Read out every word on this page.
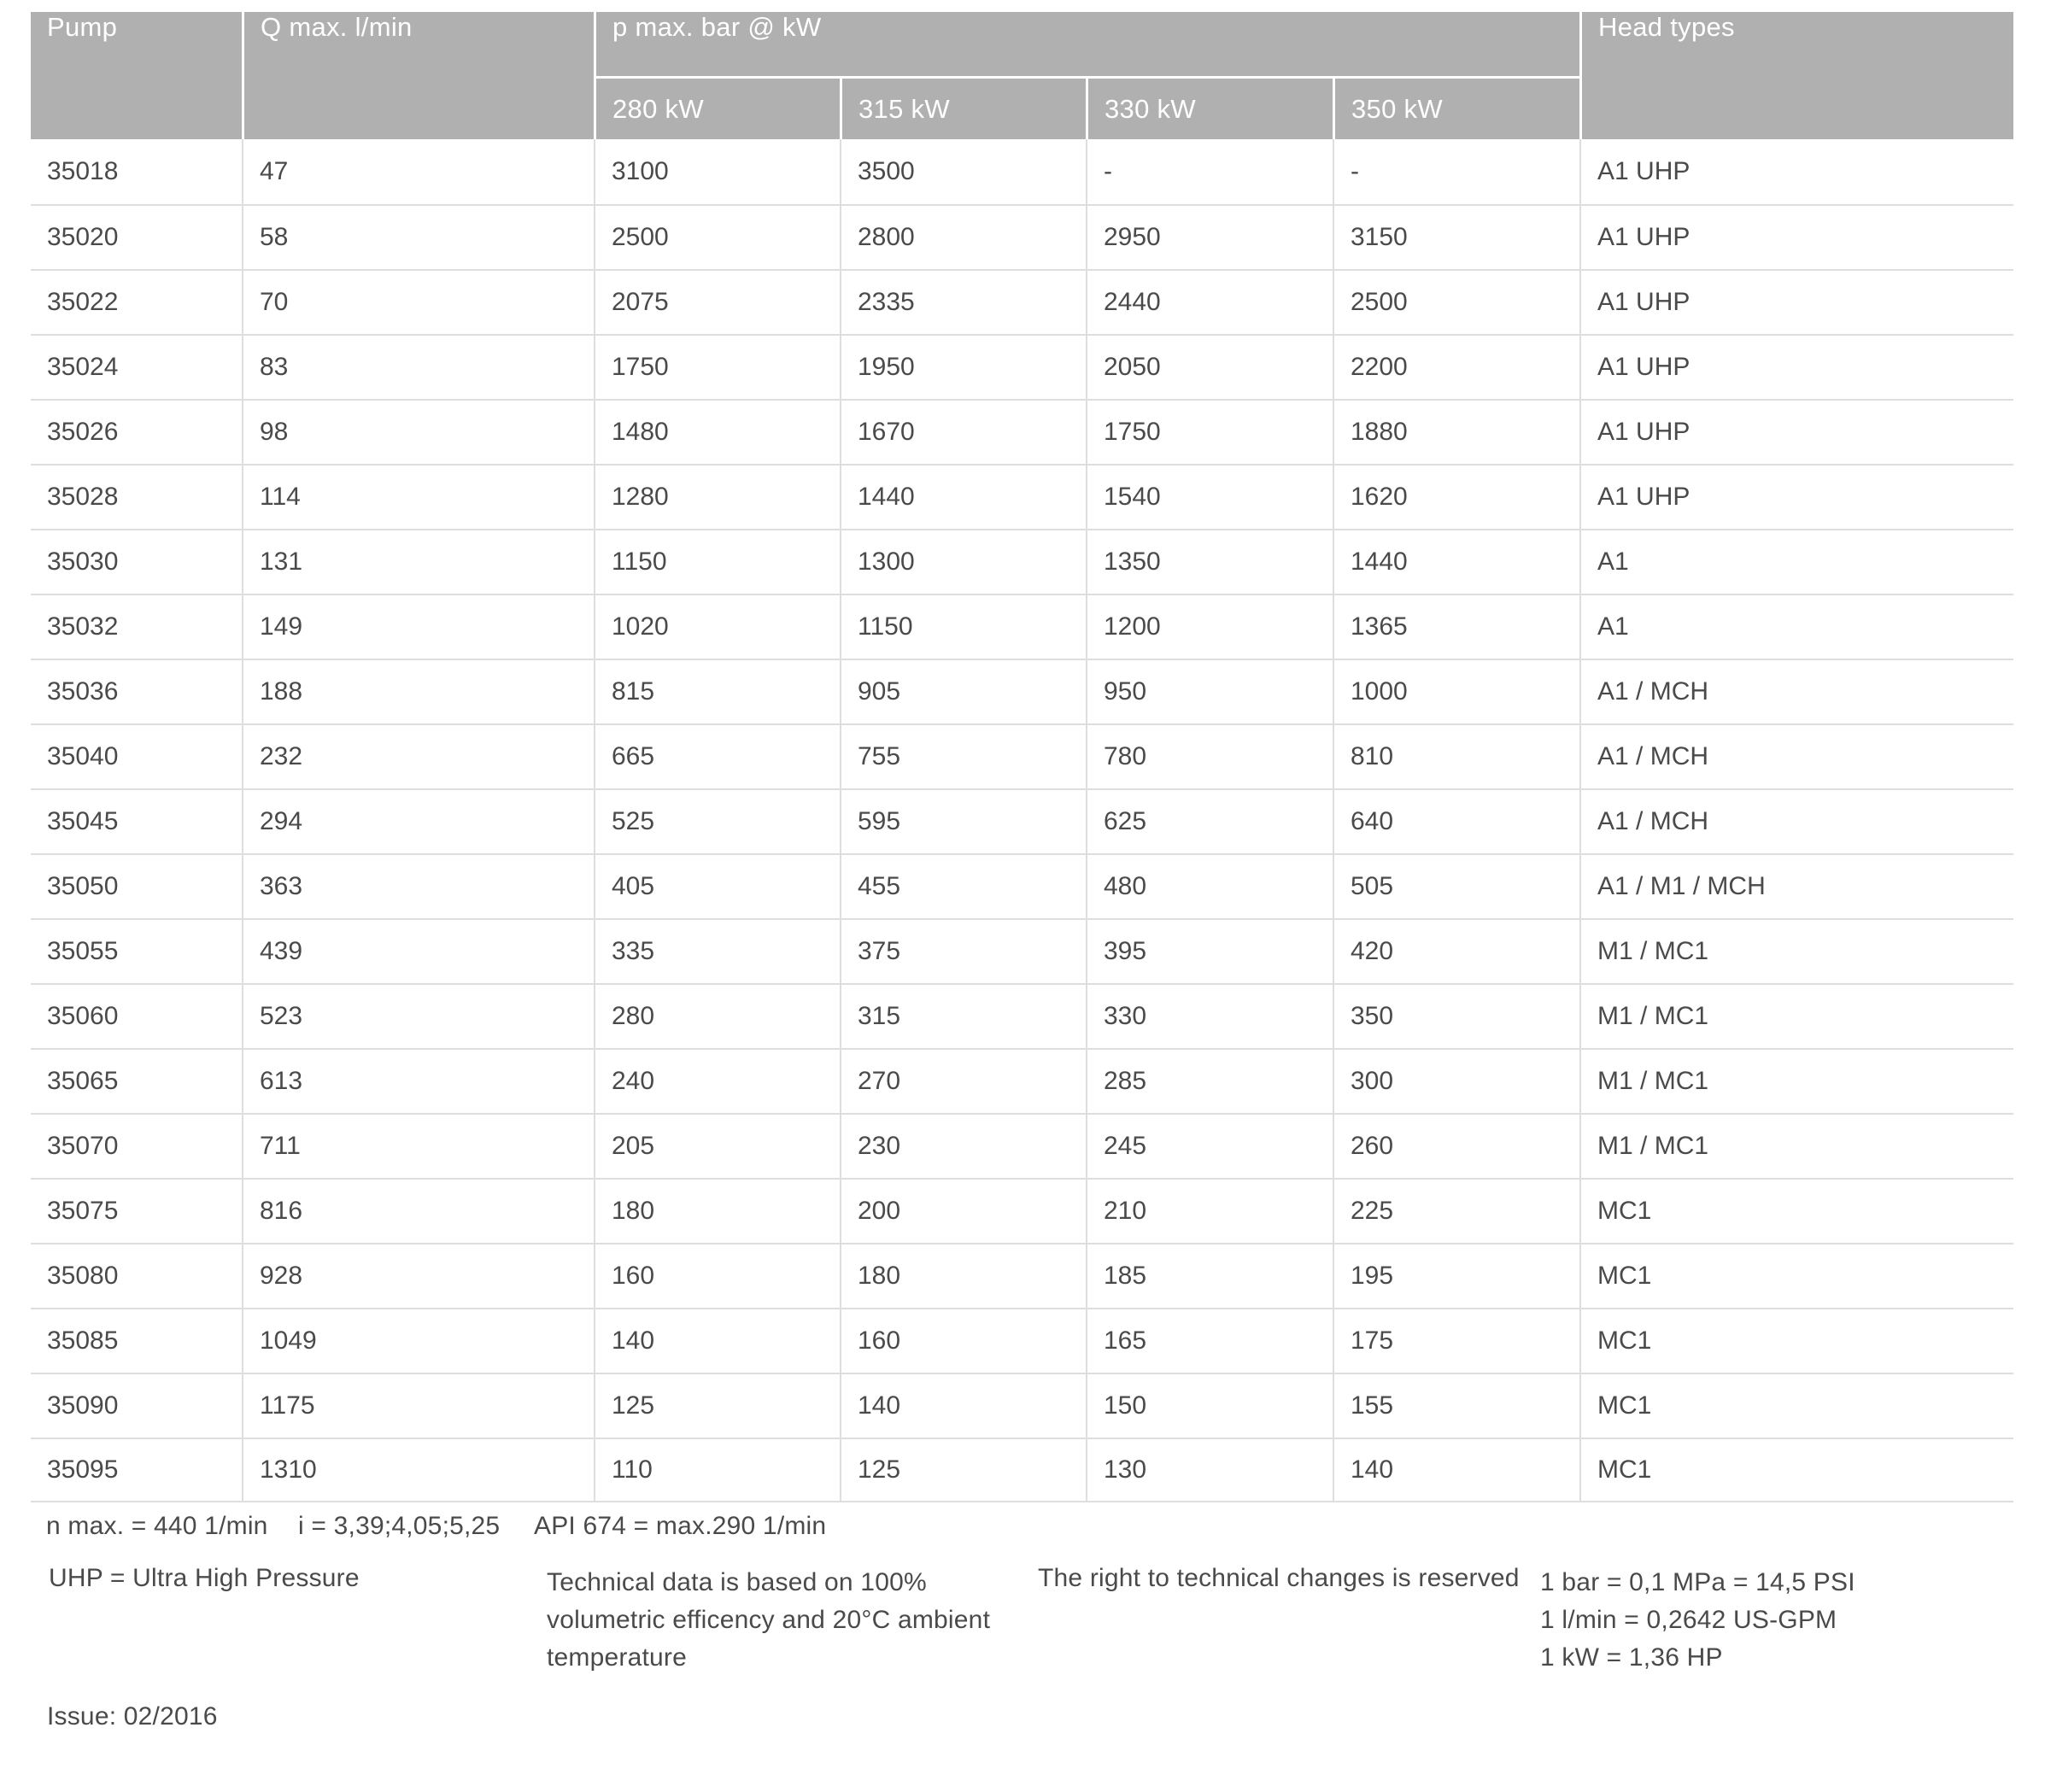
Pump	Q max. l/min	p max. bar @ kW				Head types
		280 kW	315 kW	330 kW	350 kW	
35018	47	3100	3500	-	-	A1 UHP
35020	58	2500	2800	2950	3150	A1 UHP
35022	70	2075	2335	2440	2500	A1 UHP
35024	83	1750	1950	2050	2200	A1 UHP
35026	98	1480	1670	1750	1880	A1 UHP
35028	114	1280	1440	1540	1620	A1 UHP
35030	131	1150	1300	1350	1440	A1
35032	149	1020	1150	1200	1365	A1
35036	188	815	905	950	1000	A1 / MCH
35040	232	665	755	780	810	A1 / MCH
35045	294	525	595	625	640	A1 / MCH
35050	363	405	455	480	505	A1 / M1 / MCH
35055	439	335	375	395	420	M1 / MC1
35060	523	280	315	330	350	M1 / MC1
35065	613	240	270	285	300	M1 / MC1
35070	711	205	230	245	260	M1 / MC1
35075	816	180	200	210	225	MC1
35080	928	160	180	185	195	MC1
35085	1049	140	160	165	175	MC1
35090	1175	125	140	150	155	MC1
35095	1310	110	125	130	140	MC1
n max. = 440 1/min i = 3,39;4,05;5,25 API 674 = max.290 1/min
UHP = Ultra High Pressure	Technical data is based on 100% volumetric efficency and 20°C ambient temperature
The right to technical changes is reserved 1 bar = 0,1 MPa = 14,5 PSI
1 l/min = 0,2642 US-GPM
1 kW = 1,36 HP
Issue: 02/2016
